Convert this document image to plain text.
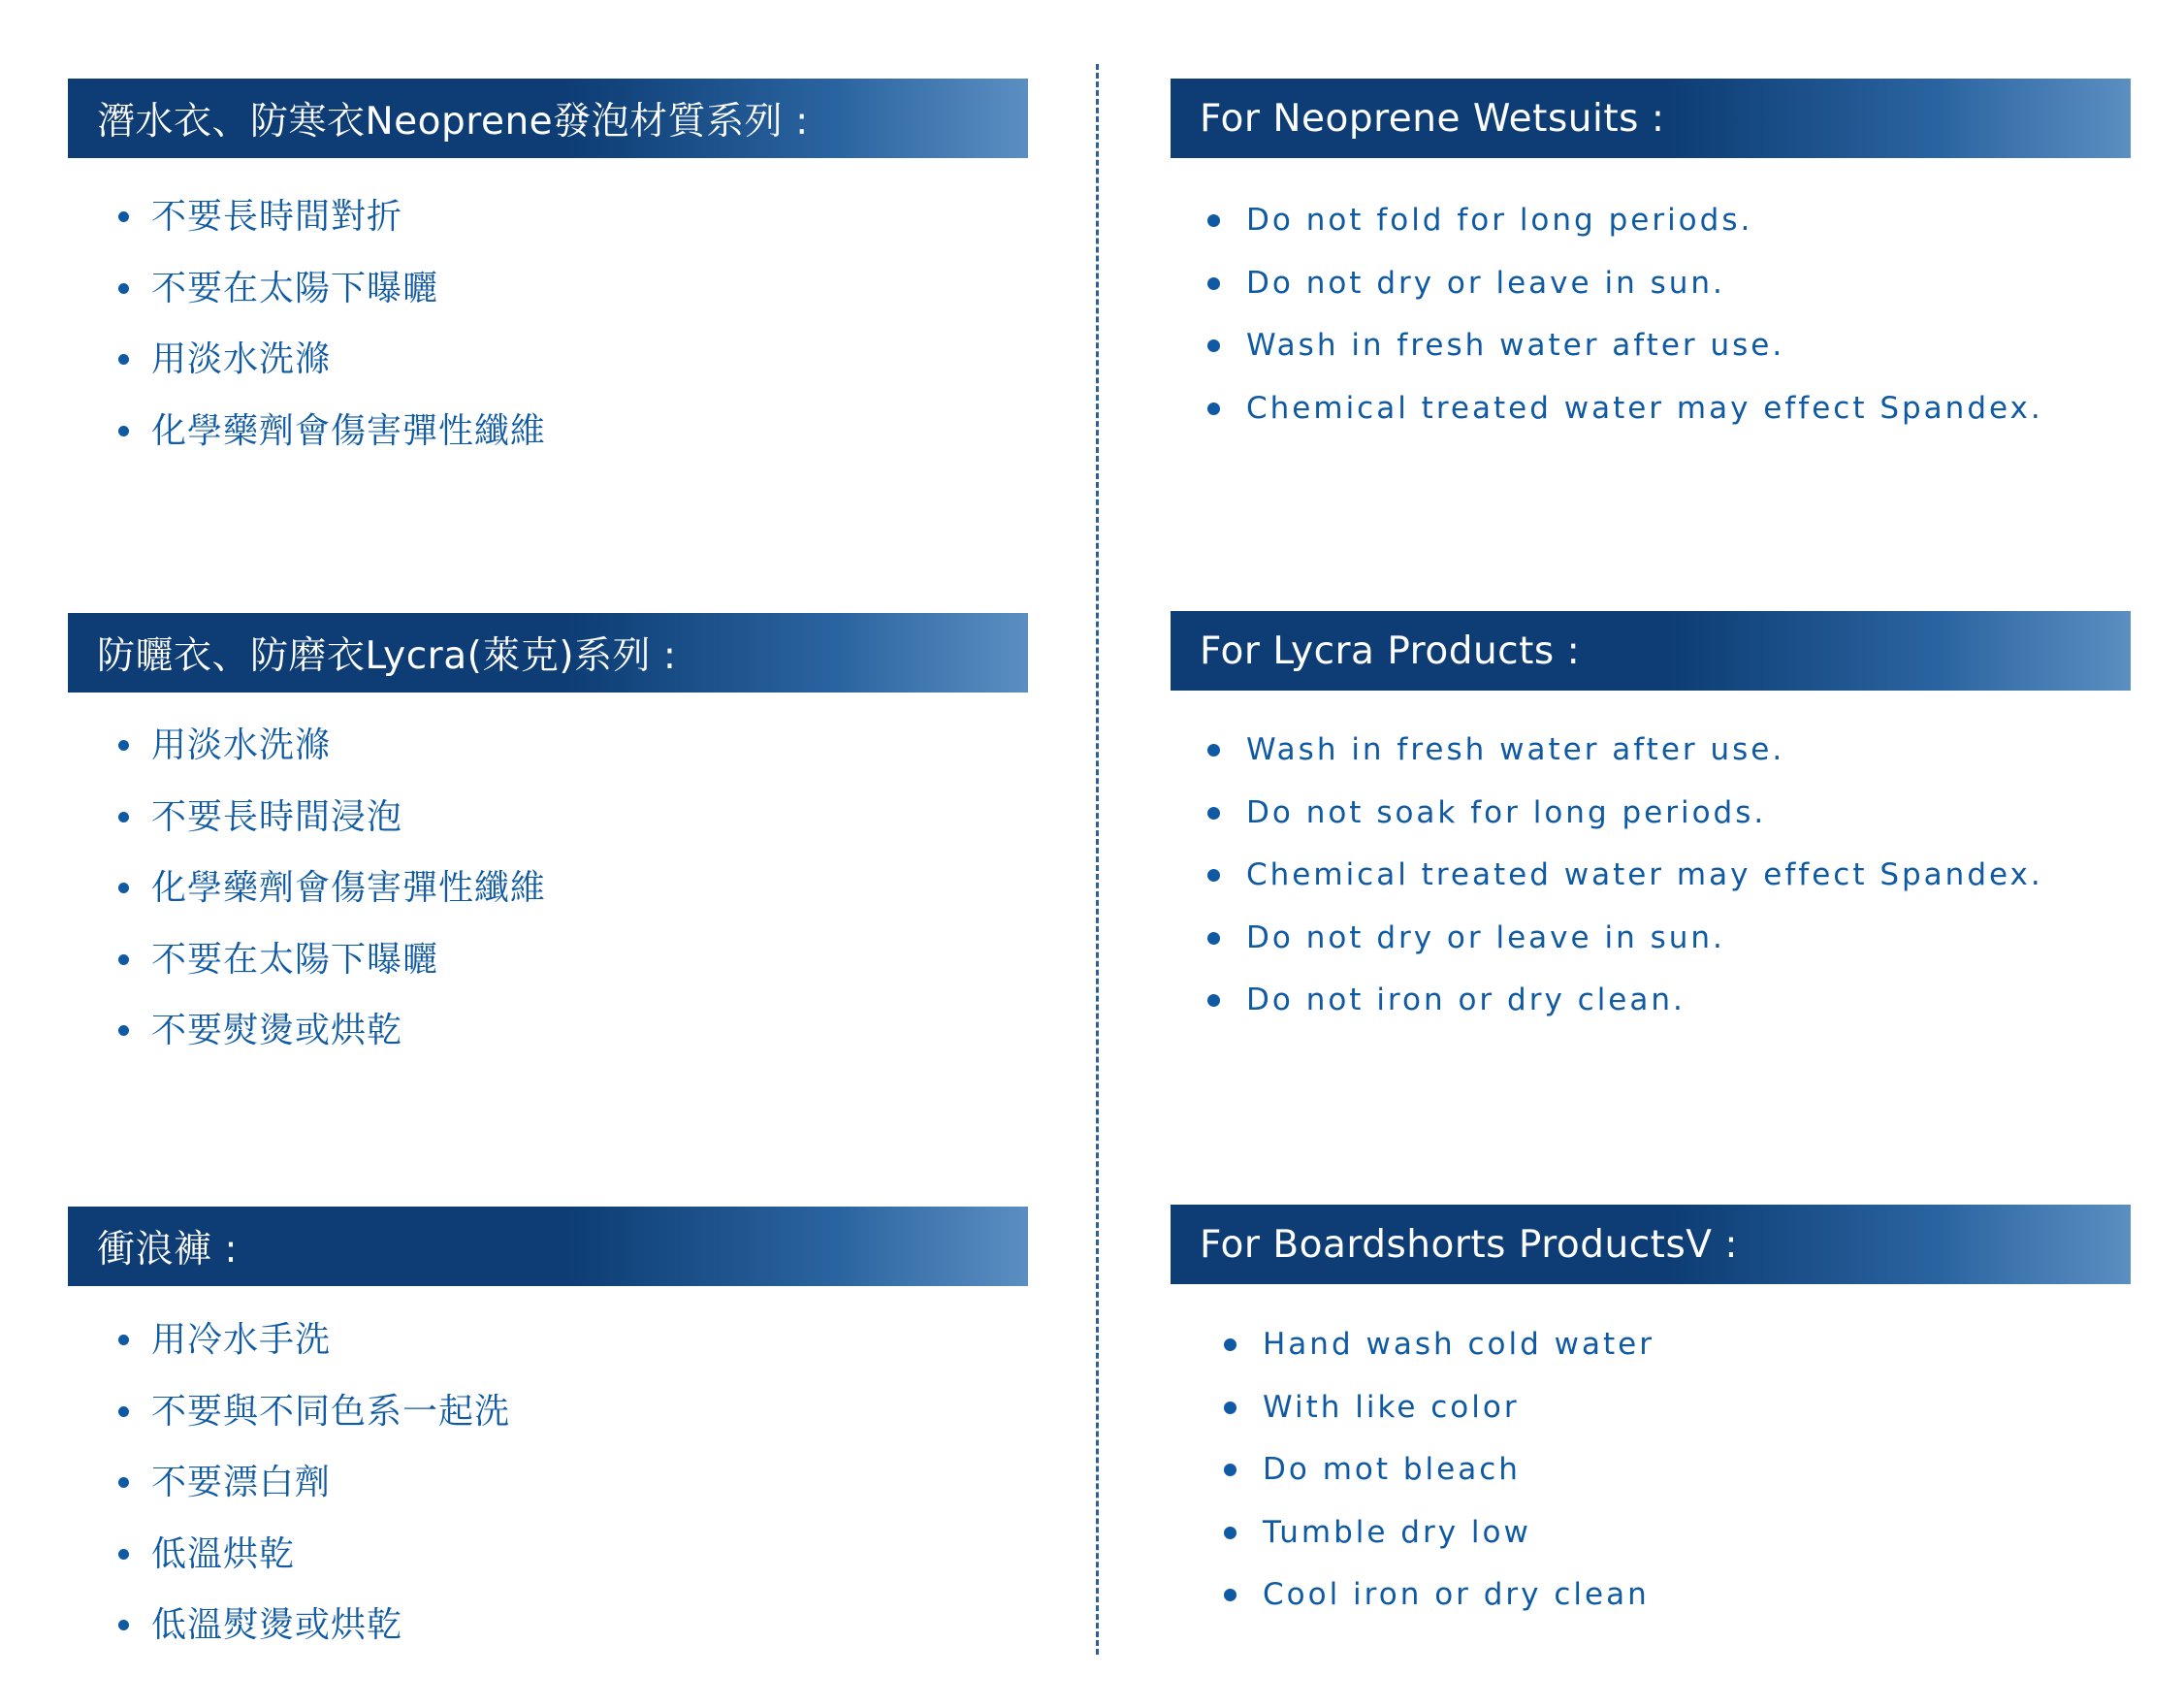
潛水衣、防寒衣Neoprene發泡材質系列 :
不要長時間對折
不要在太陽下曝曬
用淡水洗滌
化學藥劑會傷害彈性纖維
防曬衣、防磨衣Lycra(萊克)系列 :
用淡水洗滌
不要長時間浸泡
化學藥劑會傷害彈性纖維
不要在太陽下曝曬
不要熨燙或烘乾
衝浪褲 :
用冷水手洗
不要與不同色系一起洗
不要漂白劑
低溫烘乾
低溫熨燙或烘乾
For Neoprene Wetsuits :
Do not fold for long periods.
Do not dry or leave in sun.
Wash in fresh water after use.
Chemical treated water may effect Spandex.
For Lycra Products :
Wash in fresh water after use.
Do not soak for long periods.
Chemical treated water may effect Spandex.
Do not dry or leave in sun.
Do not iron or dry clean.
For Boardshorts ProductsV :
Hand wash cold water
With like color
Do mot bleach
Tumble dry low
Cool iron or dry clean
